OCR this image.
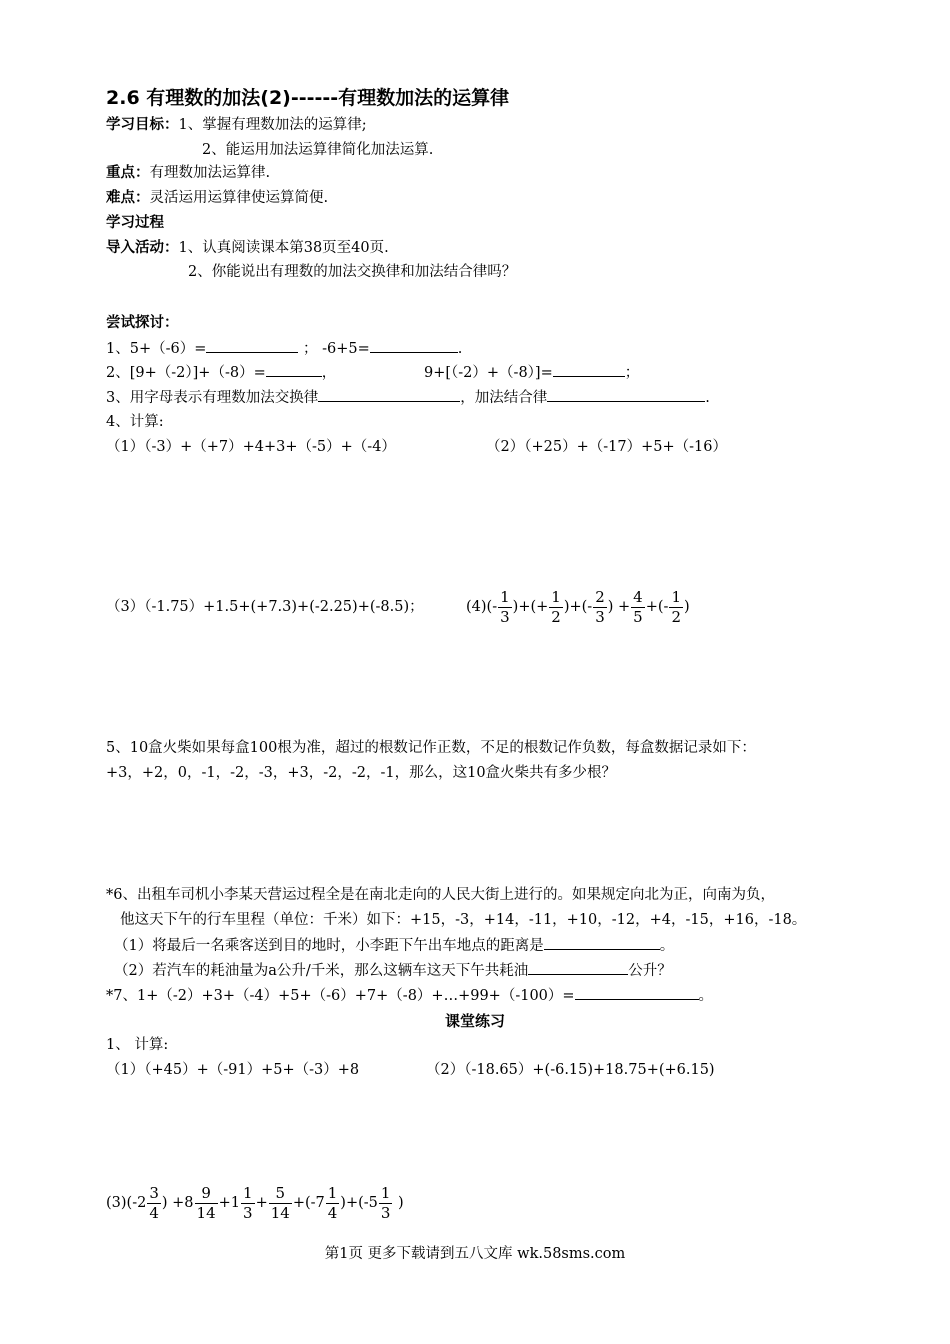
2.6 有理数的加法(2)------有理数加法的运算律
学习目标：1、掌握有理数加法的运算律;
2、能运用加法运算律简化加法运算.
重点：有理数加法运算律.
难点：灵活运用运算律使运算简便.
学习过程
导入活动：1、认真阅读课本第38页至40页.
2、你能说出有理数的加法交换律和加法结合律吗？
尝试探讨：
1、5+（-6）=	； -6+5=	.
2、[9+（-2）]+（-8）=	，	9+[（-2）+（-8）]=	；
3、用字母表示有理数加法交换律	，加法结合律	.
4、计算:
（1）（-3）+（+7）+4+3+（-5）+（-4）	（2）（+25）+（-17）+5+（-16）
（3）（-1.75）+1.5+(+7.3)+(-2.25)+(-8.5)；	$(4)(- \frac{1}{3}$ )+(+ $\frac{1}{2}$ )+(- $\frac{2}{3}$ ) + $\frac{4}{5}$ +(- $\frac{1}{2}$ )
5、10盒火柴如果每盒100根为准，超过的根数记作正数，不足的根数记作负数，每盒数据记录如下：
+3，+2，0，-1，-2，-3，+3，-2，-2，-1，那么，这10盒火柴共有多少根？
*6、出租车司机小李某天营运过程全是在南北走向的人民大街上进行的。如果规定向北为正，向南为负，
他这天下午的行车里程（单位：千米）如下：+15，-3，+14，-11，+10，-12，+4，-15，+16，-18。
（1）将最后一名乘客送到目的地时，小李距下午出车地点的距离是	。
（2）若汽车的耗油量为a公升/千米，那么这辆车这天下午共耗油	公升？
*7、1+（-2）+3+（-4）+5+（-6）+7+（-8）+…+99+（-100）=	。
课堂练习
1、 计算:
（1）（+45）+（-91）+5+（-3）+8	（2）（-18.65）+(-6.15)+18.75+(+6.15)
$(3)(-2 \frac{3}{4}$ ) $+8 \frac{9}{14} +1 \frac{1}{3} + \frac{5}{14} +(-7 \frac{1}{4} )+(-5 \frac{1}{3}$ )
第1页 更多下载请到五八文库 wk.58sms.com
